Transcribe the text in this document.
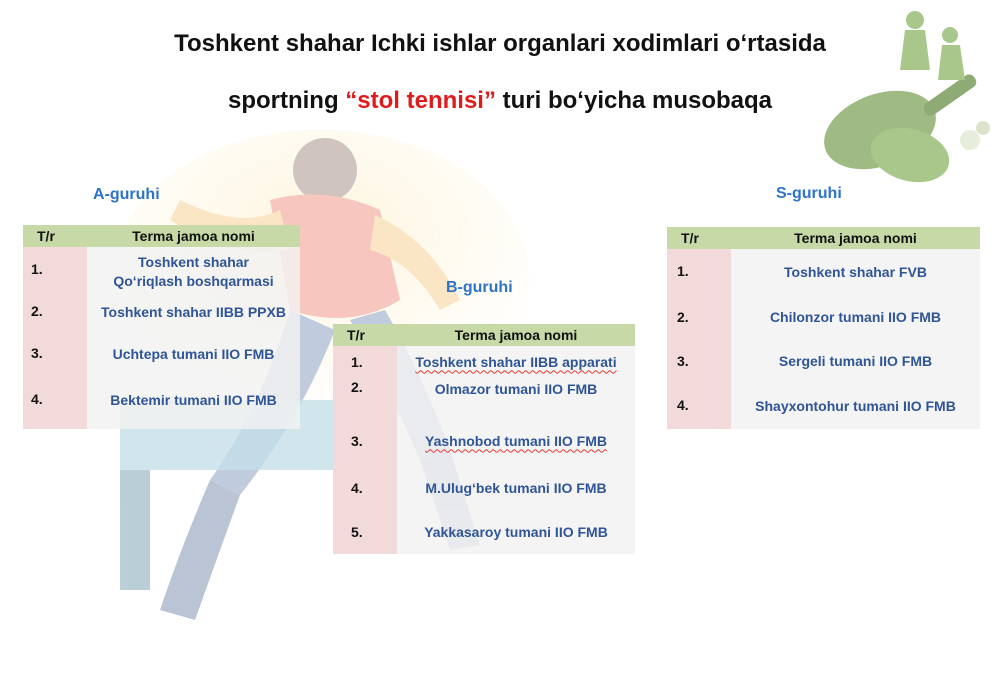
Toshkent shahar Ichki ishlar organlari xodimlari o‘rtasida
sportning “stol tennisi” turi bo‘yicha musobaqa
A-guruhi
T/r	Terma jamoa nomi
1.	Toshkent shahar
Qo‘riqlash boshqarmasi
2.	Toshkent shahar IIBB PPXB
3.	Uchtepa tumani IIO FMB
4.	Bektemir tumani IIO FMB
B-guruhi
T/r	Terma jamoa nomi
1.	Toshkent shahar IIBB apparati
2.	Olmazor tumani IIO FMB
3.	Yashnobod tumani IIO FMB
4.	M.Ulug‘bek tumani IIO FMB
5.	Yakkasaroy tumani IIO FMB
S-guruhi
T/r	Terma jamoa nomi
1.	Toshkent shahar FVB
2.	Chilonzor tumani IIO FMB
3.	Sergeli tumani IIO FMB
4.	Shayxontohur tumani IIO FMB
